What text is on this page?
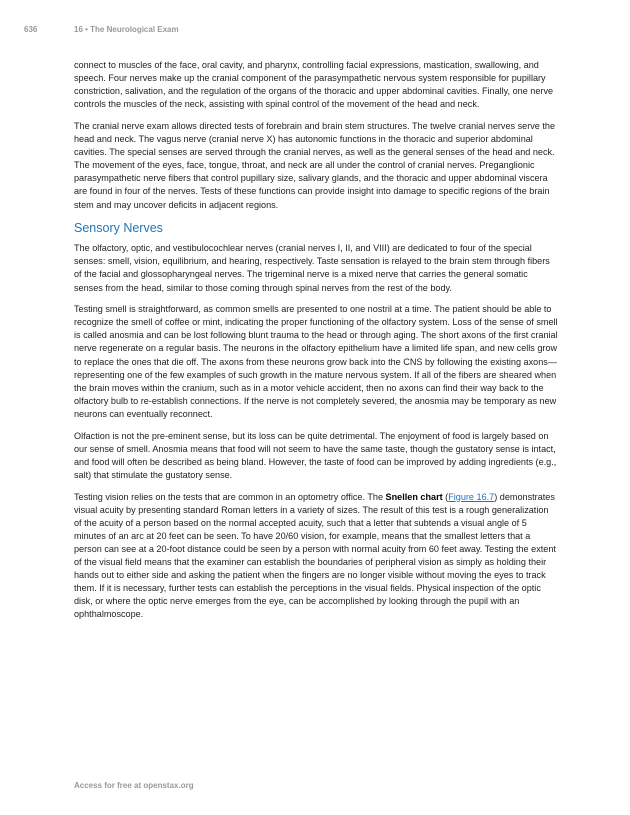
636	16 • The Neurological Exam

connect to muscles of the face, oral cavity, and pharynx, controlling facial expressions, mastication, swallowing, and speech. Four nerves make up the cranial component of the parasympathetic nervous system responsible for pupillary constriction, salivation, and the regulation of the organs of the thoracic and upper abdominal cavities. Finally, one nerve controls the muscles of the neck, assisting with spinal control of the movement of the head and neck.

The cranial nerve exam allows directed tests of forebrain and brain stem structures. The twelve cranial nerves serve the head and neck. The vagus nerve (cranial nerve X) has autonomic functions in the thoracic and superior abdominal cavities. The special senses are served through the cranial nerves, as well as the general senses of the head and neck. The movement of the eyes, face, tongue, throat, and neck are all under the control of cranial nerves. Preganglionic parasympathetic nerve fibers that control pupillary size, salivary glands, and the thoracic and upper abdominal viscera are found in four of the nerves. Tests of these functions can provide insight into damage to specific regions of the brain stem and may uncover deficits in adjacent regions.

Sensory Nerves

The olfactory, optic, and vestibulocochlear nerves (cranial nerves I, II, and VIII) are dedicated to four of the special senses: smell, vision, equilibrium, and hearing, respectively. Taste sensation is relayed to the brain stem through fibers of the facial and glossopharyngeal nerves. The trigeminal nerve is a mixed nerve that carries the general somatic senses from the head, similar to those coming through spinal nerves from the rest of the body.

Testing smell is straightforward, as common smells are presented to one nostril at a time. The patient should be able to recognize the smell of coffee or mint, indicating the proper functioning of the olfactory system. Loss of the sense of smell is called anosmia and can be lost following blunt trauma to the head or through aging. The short axons of the first cranial nerve regenerate on a regular basis. The neurons in the olfactory epithelium have a limited life span, and new cells grow to replace the ones that die off. The axons from these neurons grow back into the CNS by following the existing axons—representing one of the few examples of such growth in the mature nervous system. If all of the fibers are sheared when the brain moves within the cranium, such as in a motor vehicle accident, then no axons can find their way back to the olfactory bulb to re-establish connections. If the nerve is not completely severed, the anosmia may be temporary as new neurons can eventually reconnect.

Olfaction is not the pre-eminent sense, but its loss can be quite detrimental. The enjoyment of food is largely based on our sense of smell. Anosmia means that food will not seem to have the same taste, though the gustatory sense is intact, and food will often be described as being bland. However, the taste of food can be improved by adding ingredients (e.g., salt) that stimulate the gustatory sense.

Testing vision relies on the tests that are common in an optometry office. The Snellen chart (Figure 16.7) demonstrates visual acuity by presenting standard Roman letters in a variety of sizes. The result of this test is a rough generalization of the acuity of a person based on the normal accepted acuity, such that a letter that subtends a visual angle of 5 minutes of an arc at 20 feet can be seen. To have 20/60 vision, for example, means that the smallest letters that a person can see at a 20-foot distance could be seen by a person with normal acuity from 60 feet away. Testing the extent of the visual field means that the examiner can establish the boundaries of peripheral vision as simply as holding their hands out to either side and asking the patient when the fingers are no longer visible without moving the eyes to track them. If it is necessary, further tests can establish the perceptions in the visual fields. Physical inspection of the optic disk, or where the optic nerve emerges from the eye, can be accomplished by looking through the pupil with an ophthalmoscope.

Access for free at openstax.org
